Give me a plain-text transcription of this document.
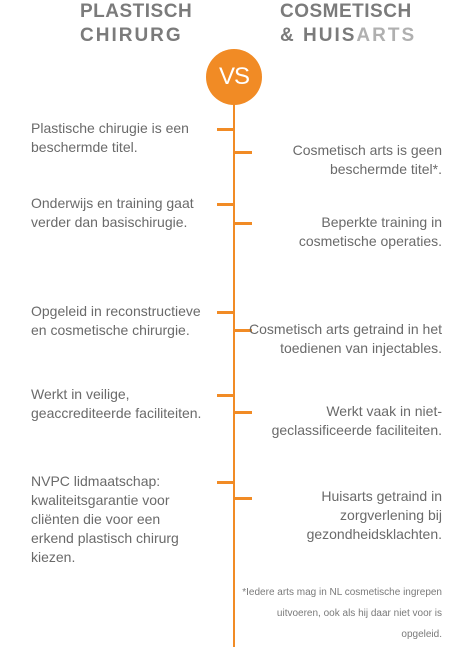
PLASTISCH
CHIRURG
COSMETISCH
& HUISARTS
VS
Plastische chirugie is een beschermde titel.
Onderwijs en training gaat verder dan basischirugie.
Opgeleid in reconstructieve en cosmetische chirurgie.
Werkt in veilige, geaccrediteerde faciliteiten.
NVPC lidmaatschap: kwaliteitsgarantie voor cliënten die voor een erkend plastisch chirurg kiezen.
Cosmetisch arts is geen beschermde titel*.
Beperkte training in cosmetische operaties.
Cosmetisch arts getraind in het toedienen van injectables.
Werkt vaak in niet-geclassificeerde faciliteiten.
Huisarts getraind in zorgverlening bij gezondheidsklachten.
*Iedere arts mag in NL cosmetische ingrepen uitvoeren, ook als hij daar niet voor is opgeleid.
